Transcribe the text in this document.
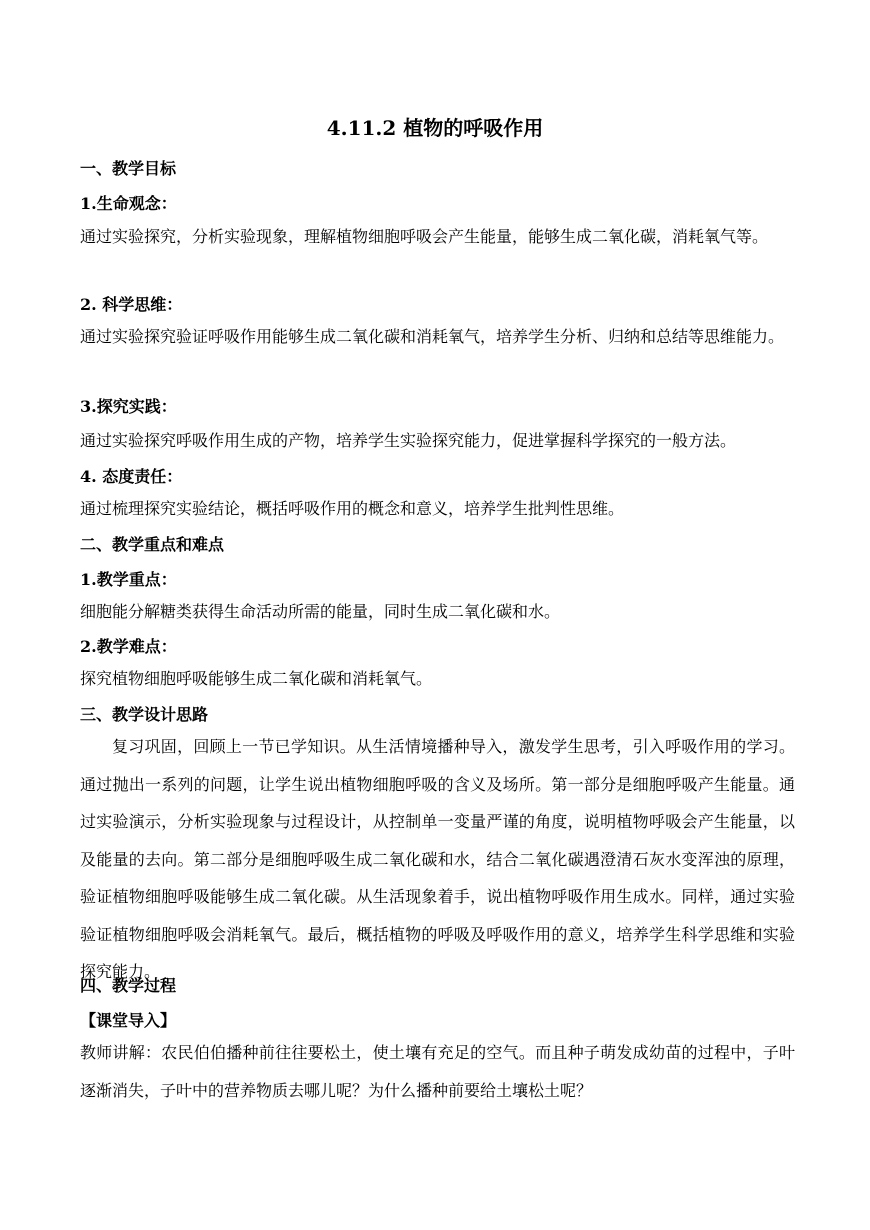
4.11.2 植物的呼吸作用
一、教学目标
1.生命观念：
通过实验探究，分析实验现象，理解植物细胞呼吸会产生能量，能够生成二氧化碳，消耗氧气等。
2. 科学思维：
通过实验探究验证呼吸作用能够生成二氧化碳和消耗氧气，培养学生分析、归纳和总结等思维能力。
3.探究实践：
通过实验探究呼吸作用生成的产物，培养学生实验探究能力，促进掌握科学探究的一般方法。
4. 态度责任：
通过梳理探究实验结论，概括呼吸作用的概念和意义，培养学生批判性思维。
二、教学重点和难点
1.教学重点：
细胞能分解糖类获得生命活动所需的能量，同时生成二氧化碳和水。
2.教学难点：
探究植物细胞呼吸能够生成二氧化碳和消耗氧气。
三、教学设计思路
复习巩固，回顾上一节已学知识。从生活情境播种导入，激发学生思考，引入呼吸作用的学习。通过抛出一系列的问题，让学生说出植物细胞呼吸的含义及场所。第一部分是细胞呼吸产生能量。通过实验演示，分析实验现象与过程设计，从控制单一变量严谨的角度，说明植物呼吸会产生能量，以及能量的去向。第二部分是细胞呼吸生成二氧化碳和水，结合二氧化碳遇澄清石灰水变浑浊的原理，验证植物细胞呼吸能够生成二氧化碳。从生活现象着手，说出植物呼吸作用生成水。同样，通过实验验证植物细胞呼吸会消耗氧气。最后，概括植物的呼吸及呼吸作用的意义，培养学生科学思维和实验探究能力。
四、教学过程
【课堂导入】
教师讲解：农民伯伯播种前往往要松土，使土壤有充足的空气。而且种子萌发成幼苗的过程中，子叶逐渐消失，子叶中的营养物质去哪儿呢？为什么播种前要给土壤松土呢？
